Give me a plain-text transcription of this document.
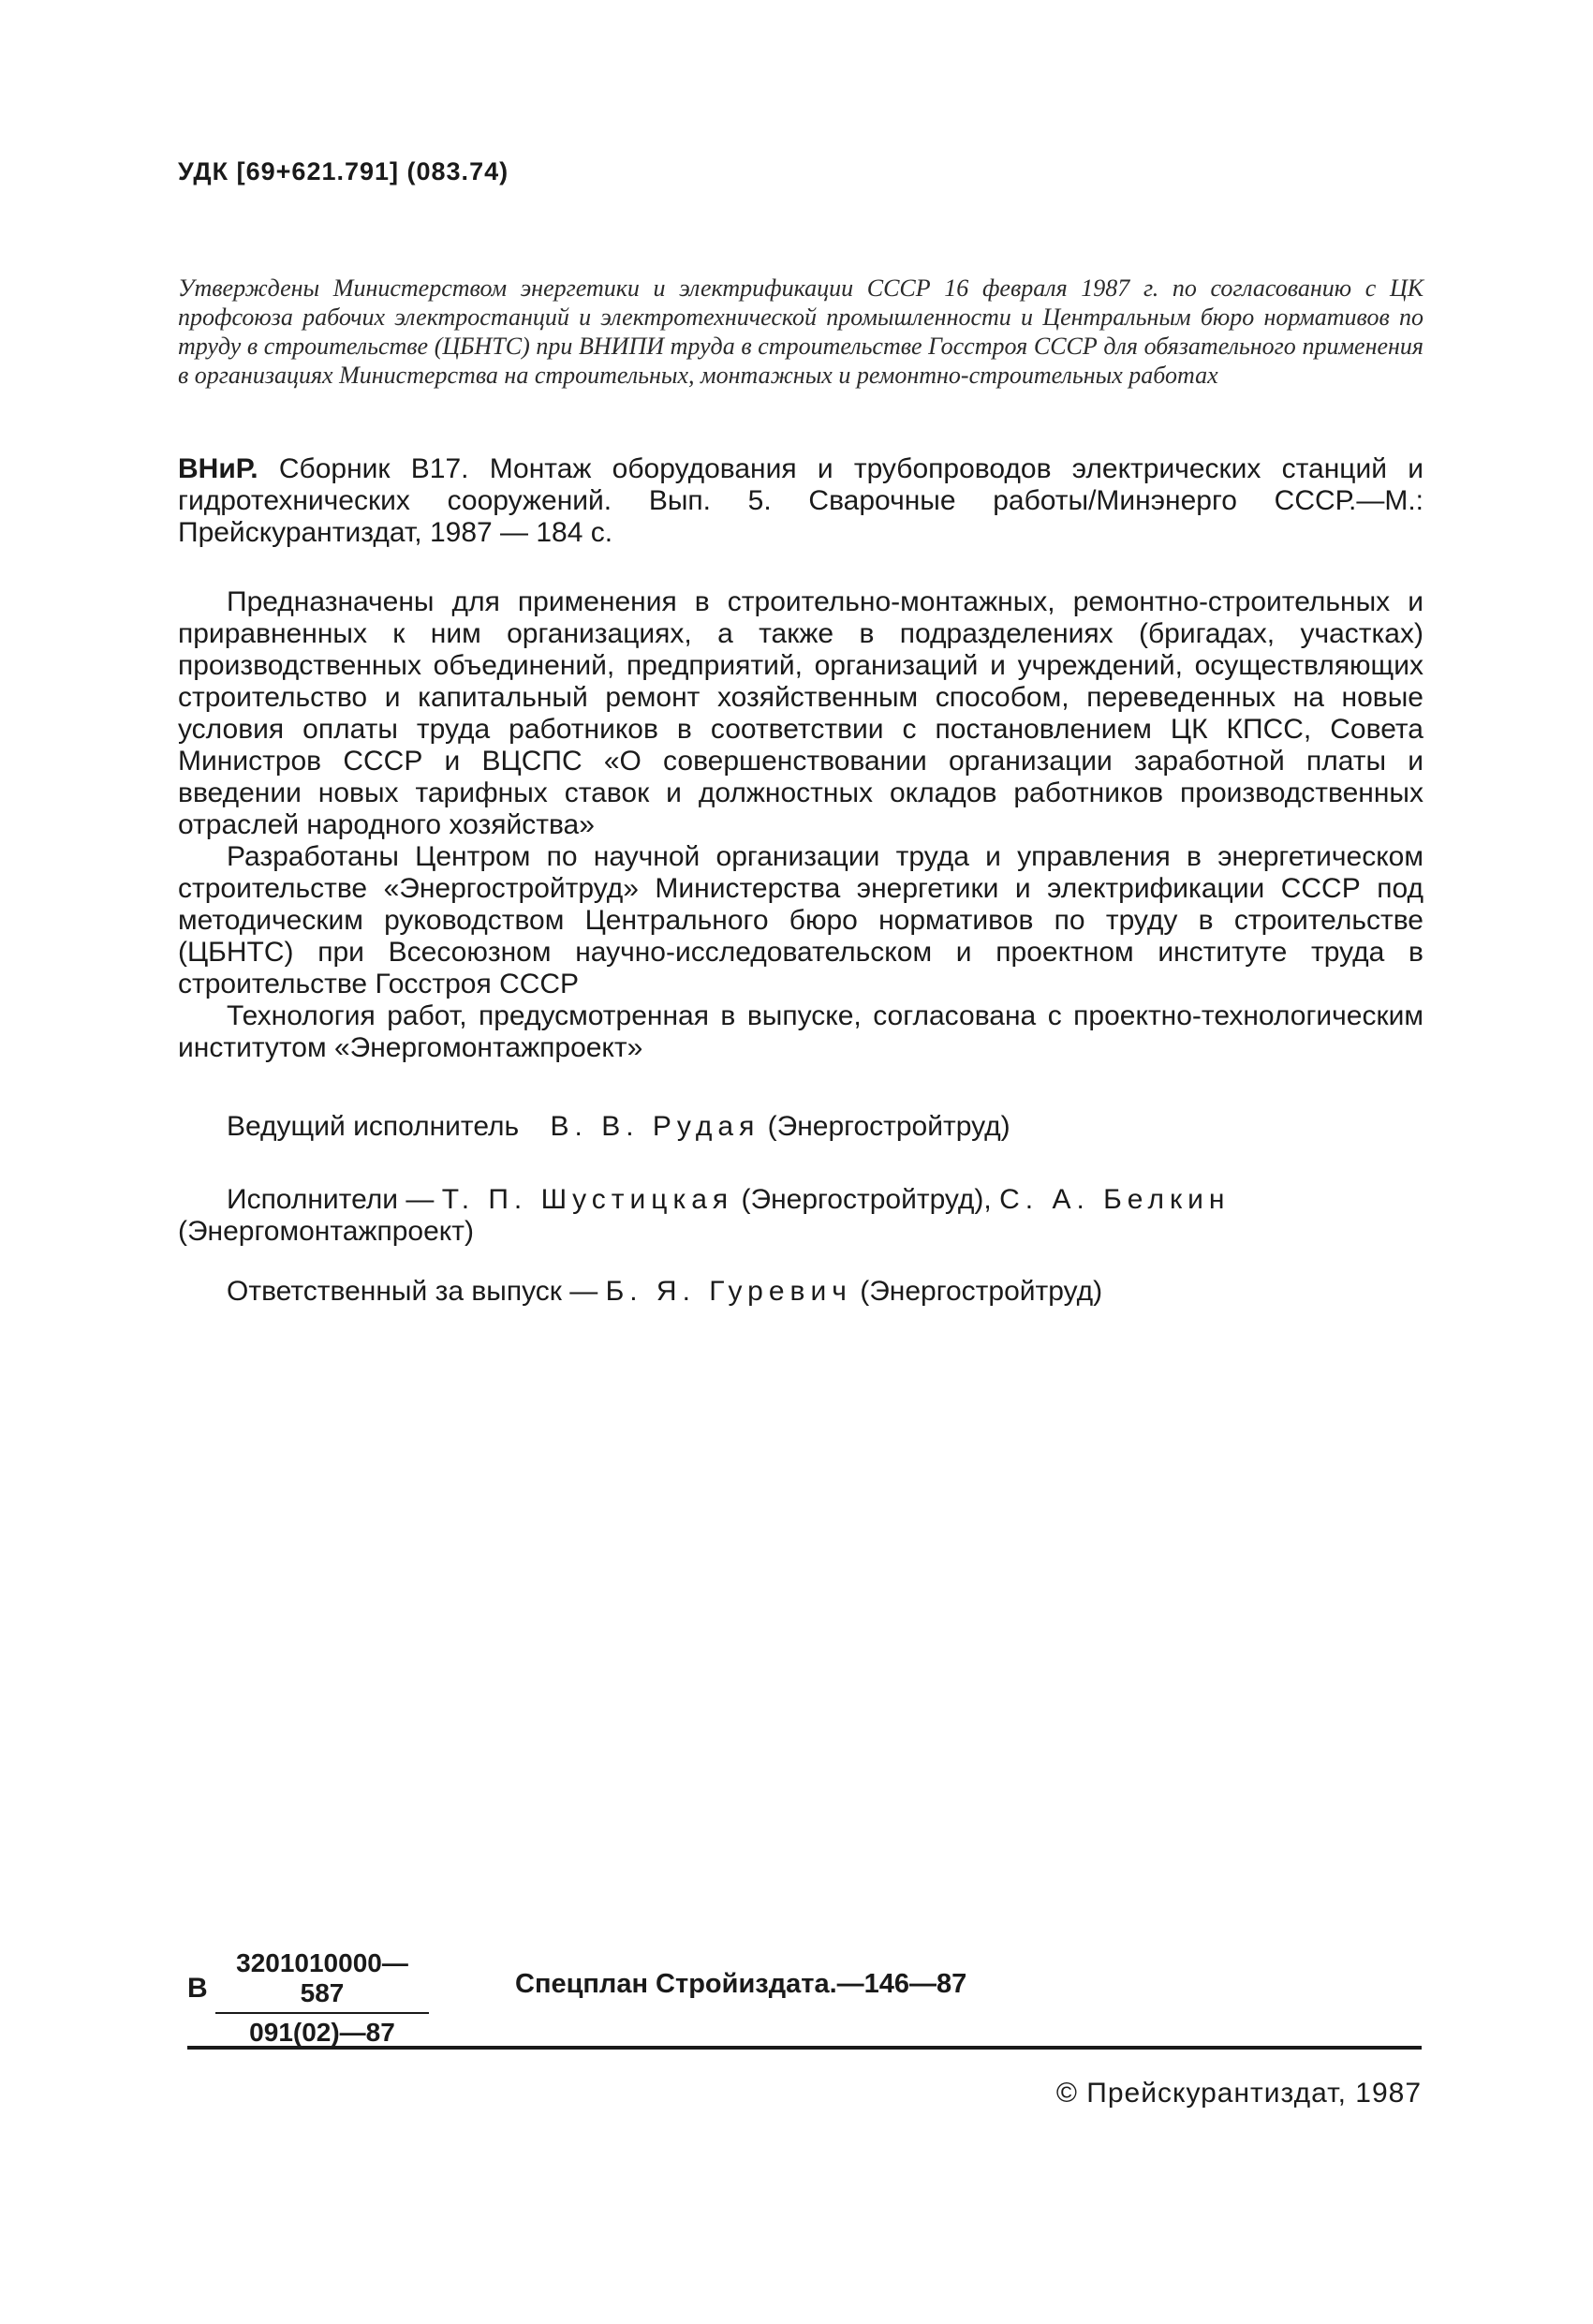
УДК [69+621.791] (083.74)
Утверждены Министерством энергетики и электрификации СССР 16 февраля 1987 г. по согласованию с ЦК профсоюза рабочих электростанций и электротехнической промышленности и Центральным бюро нормативов по труду в строительстве (ЦБНТС) при ВНИПИ труда в строительстве Госстроя СССР для обязательного применения в организациях Министерства на строительных, монтажных и ремонтно-строительных работах
ВНиР. Сборник В17. Монтаж оборудования и трубопроводов электрических станций и гидротехнических сооружений. Вып. 5. Сварочные работы/Минэнерго СССР.—М.: Прейскурантиздат, 1987 — 184 с.

Предназначены для применения в строительно-монтажных, ремонтно-строительных и приравненных к ним организациях, а также в подразделениях (бригадах, участках) производственных объединений, предприятий, организаций и учреждений, осуществляющих строительство и капитальный ремонт хозяйственным способом, переведенных на новые условия оплаты труда работников в соответствии с постановлением ЦК КПСС, Совета Министров СССР и ВЦСПС «О совершенствовании организации заработной платы и введении новых тарифных ставок и должностных окладов работников производственных отраслей народного хозяйства»

Разработаны Центром по научной организации труда и управления в энергетическом строительстве «Энергостройтруд» Министерства энергетики и электрификации СССР под методическим руководством Центрального бюро нормативов по труду в строительстве (ЦБНТС) при Всесоюзном научно-исследовательском и проектном институте труда в строительстве Госстроя СССР

Технология работ, предусмотренная в выпуске, согласована с проектно-технологическим институтом «Энергомонтажпроект»

Ведущий исполнитель В. В. Рудая (Энергостройтруд)
Исполнители — Т. П. Шустицкая (Энергостройтруд), С. А. Белкин (Энергомонтажпроект)
Ответственный за выпуск — Б. Я. Гуревич (Энергостройтруд)
В $\frac{3201010000—587}{091(02)—87}$	Спецплан Стройиздата.—146—87
© Прейскурантиздат, 1987
